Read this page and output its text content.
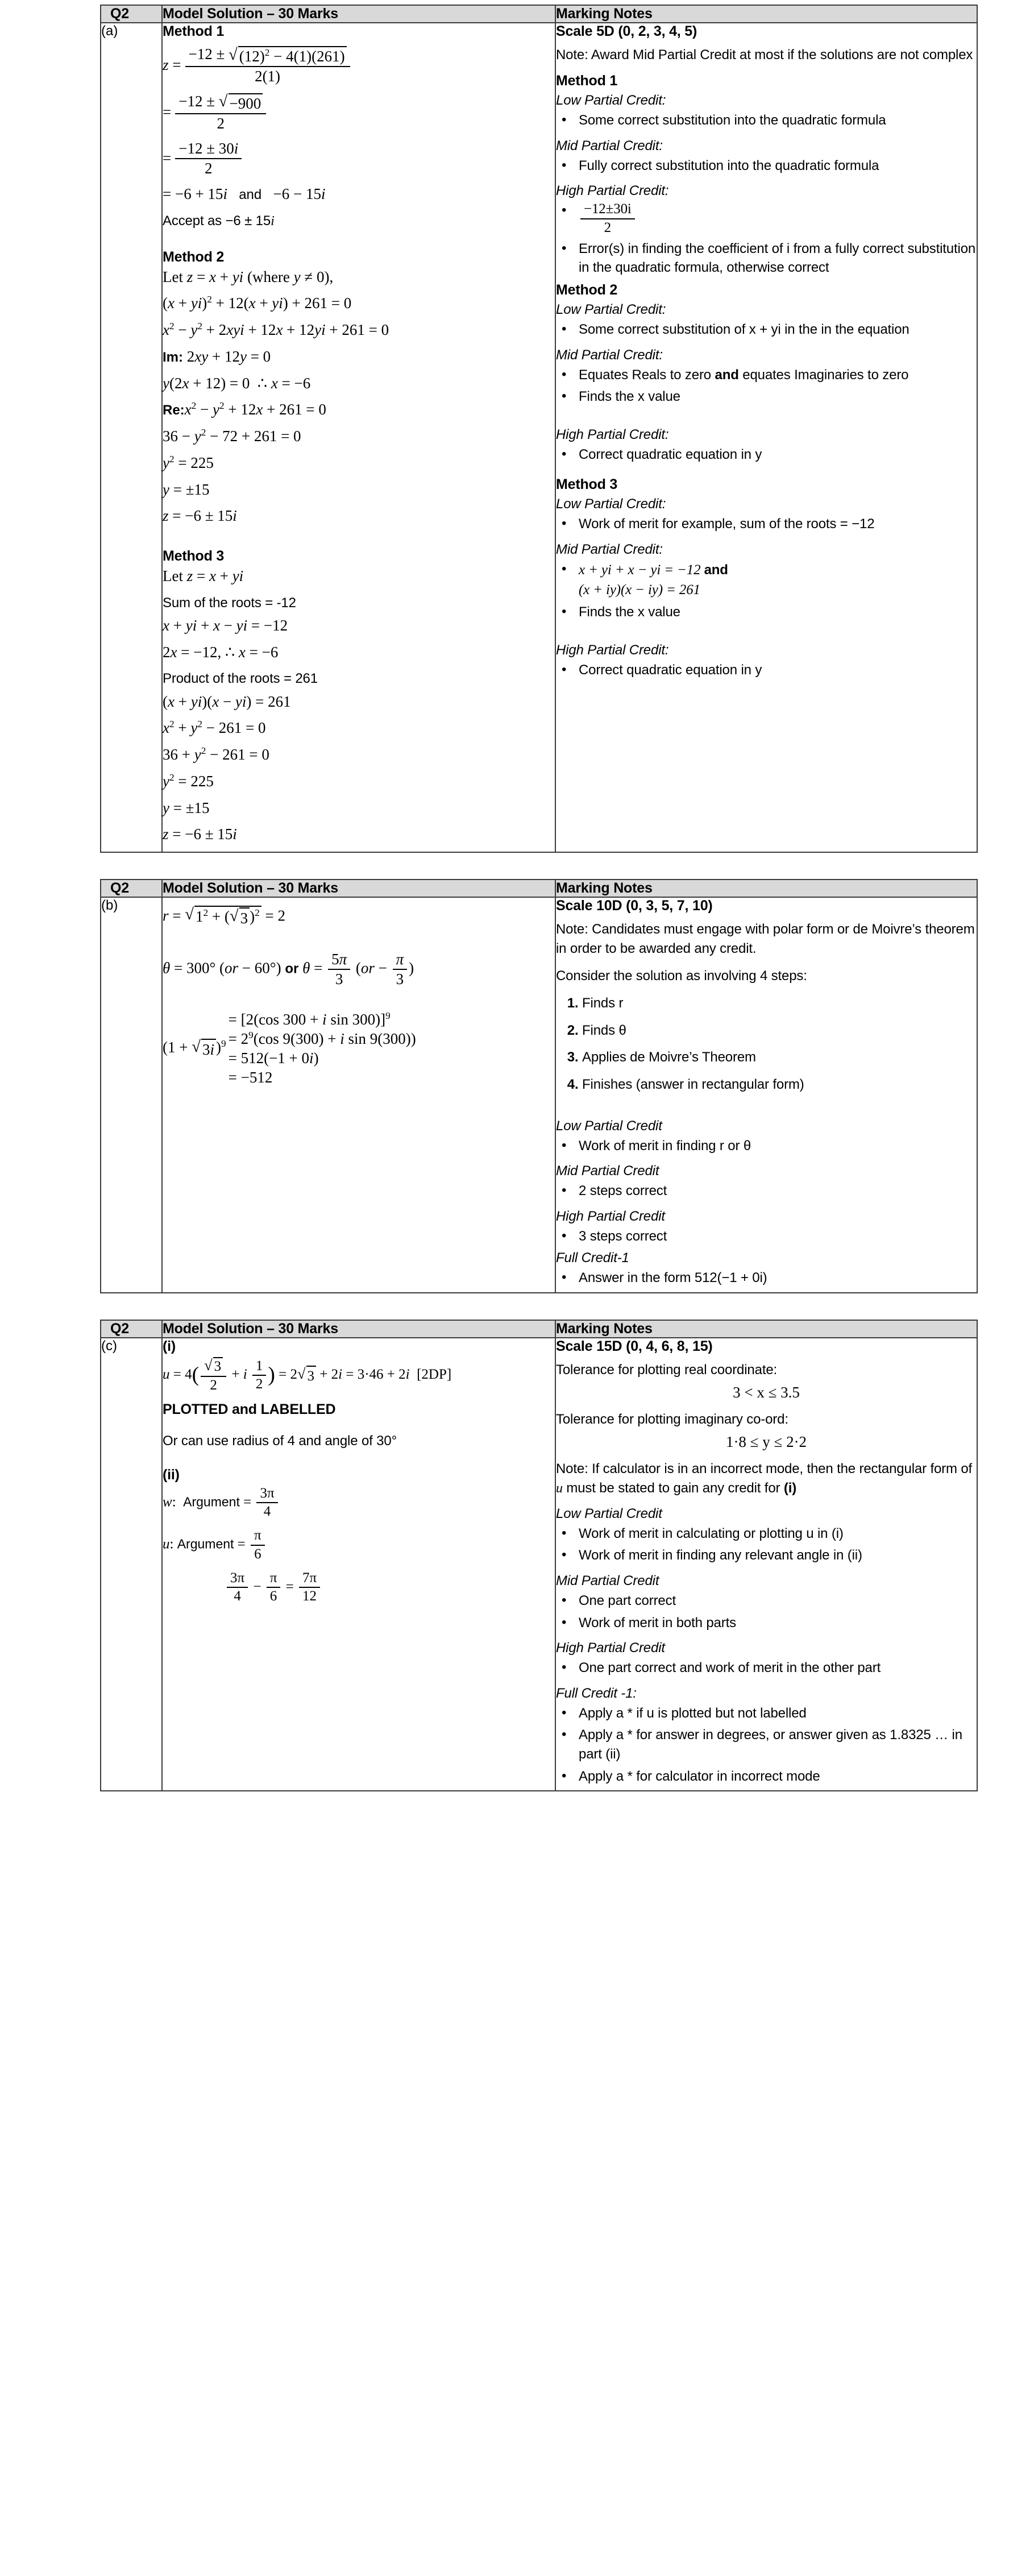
Q2	Model Solution – 30 Marks	Marking Notes
(a)	Method 1
$z = \frac{-12 \pm √ (12)^2 - 4(1)(261)}{2(1)}$
= $\frac{-12 \pm √ -900}{2}$
= $\frac{-12 \pm 30i}{2}$
= −6 + 15i and   −6 − 15i
Accept as −6 ± 15i
Method 2
Let z = x + yi (where y ≠ 0),
(x + yi)$^2$ + 12(x + yi) + 261 = 0
$x^2 - y^2 + 2xyi + 12x + 12yi + 261 = 0$
Im: 2xy + 12y = 0
y(2x + 12) = 0  ∴ x = −6
$Re:x^2 - y^2 + 12x + 261 = 0$
$36 - y^2 - 72 + 261 = 0$
$y^2 = 225$
y = ±15
z = −6 ± 15i
Method 3
Let z = x + yi
Sum of the roots = -12
x + yi + x − yi = −12
2x = −12, ∴ x = −6
Product of the roots = 261
(x + yi)(x − yi) = 261
$x^2 + y^2 - 261 = 0$
$36 + y^2 - 261 = 0$
$y^2 = 225$
y = ±15
z = −6 ± 15i

Scale 5D (0, 2, 3, 4, 5)
Note: Award Mid Partial Credit at most if the solutions are not complex
Method 1
Low Partial Credit:
• Some correct substitution into the quadratic formula
Mid Partial Credit:
• Fully correct substitution into the quadratic formula
High Partial Credit:
• $\frac{-12\pm 30i}{2}$
• Error(s) in finding the coefficient of i from a fully correct substitution in the quadratic formula, otherwise correct
Method 2
Low Partial Credit:
• Some correct substitution of x + yi in the in the equation
Mid Partial Credit:
• Equates Reals to zero and equates Imaginaries to zero
• Finds the x value
High Partial Credit:
• Correct quadratic equation in y
Method 3
Low Partial Credit:
• Work of merit for example, sum of the roots = −12
Mid Partial Credit:
• x + yi + x − yi = −12 and
(x + iy)(x − iy) = 261
• Finds the x value
High Partial Credit:
• Correct quadratic equation in y
Q2	Model Solution – 30 Marks	Marking Notes
(b)	
r = √ $1^2$ + ( √ 3 )$^2$ = 2
θ = 300° (or − 60°) or $\theta = \frac{5\pi}{3} (or - \frac{\pi}{3}$ )
(1 + √ 3i )$^9$
= [2(cos 300 + i sin 300)]$^9$
= $2^9(\cos$ 9(300) + i sin 9(300))
= 512(−1 + 0i)
= −512

Scale 10D (0, 3, 5, 7, 10)
Note: Candidates must engage with polar form or de Moivre’s theorem in order to be awarded any credit.
Consider the solution as involving 4 steps:
1. Finds r
2. Finds θ
3. Applies de Moivre’s Theorem
4. Finishes (answer in rectangular form)
Low Partial Credit
• Work of merit in finding r or θ
Mid Partial Credit
• 2 steps correct
High Partial Credit
• 3 steps correct
Full Credit-1
• Answer in the form 512(−1 + 0i)
Q2	Model Solution – 30 Marks	Marking Notes
(c)	(i)
$u = 4( \frac{√ 3}{2} + i \frac{1}{2}$ ) = 2 √ 3 + 2i = 3·46 + 2i  [2DP]
PLOTTED and LABELLED
Or can use radius of 4 and angle of 30°
(ii)
w:  Argument = $\frac{3\pi}{4}$
u: Argument = $\frac{\pi}{6}$
$\frac{3\pi}{4} - \frac{\pi}{6} = \frac{7\pi}{12}$

Scale 15D (0, 4, 6, 8, 15)
Tolerance for plotting real coordinate:
3 < x ≤ 3.5
Tolerance for plotting imaginary co-ord:
1·8 ≤ y ≤ 2·2
Note: If calculator is in an incorrect mode, then the rectangular form of u must be stated to gain any credit for (i)
Low Partial Credit
• Work of merit in calculating or plotting u in (i)
• Work of merit in finding any relevant angle in (ii)
Mid Partial Credit
• One part correct
• Work of merit in both parts
High Partial Credit
• One part correct and work of merit in the other part
Full Credit -1:
• Apply a * if u is plotted but not labelled
• Apply a * for answer in degrees, or answer given as 1.8325 … in part (ii)
• Apply a * for calculator in incorrect mode
